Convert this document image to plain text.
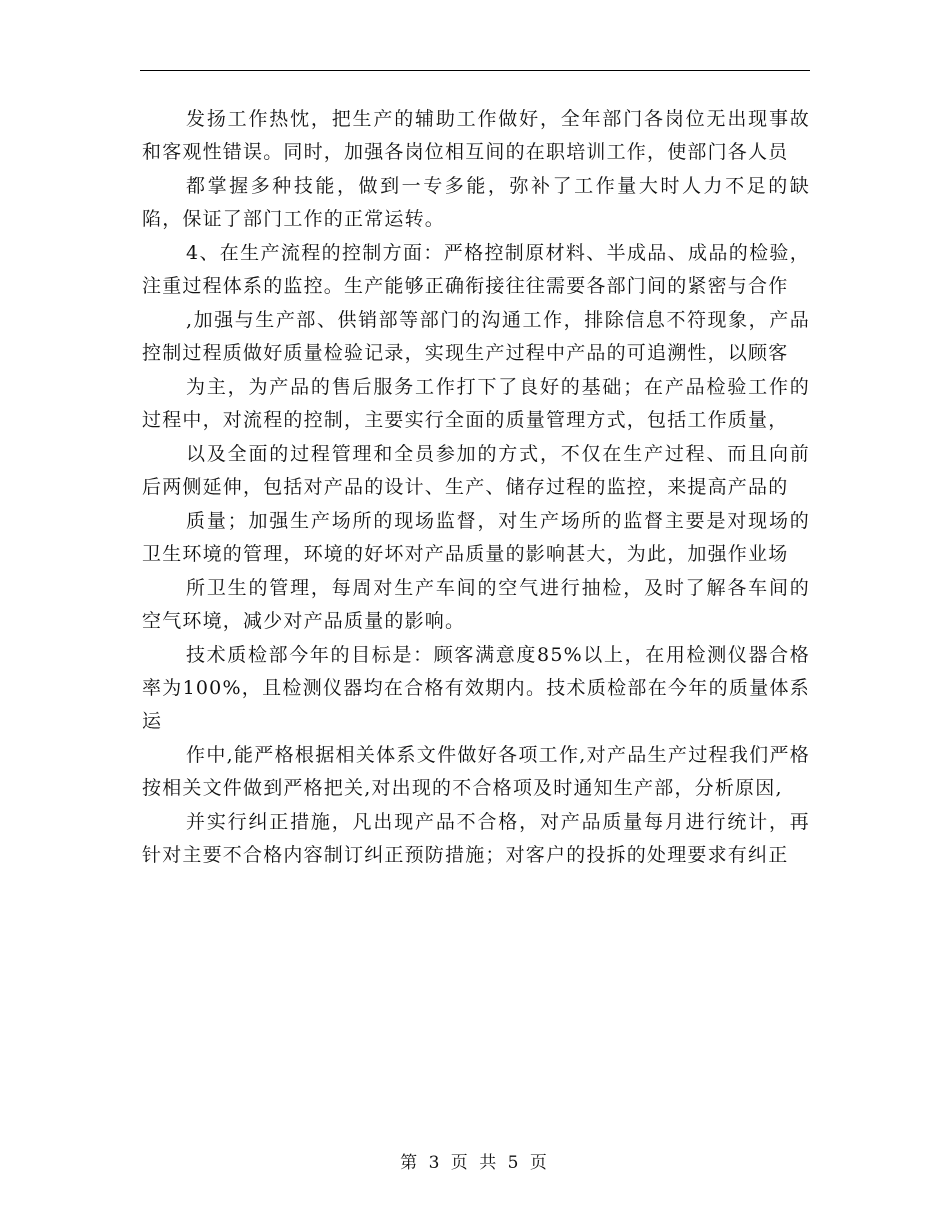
发扬工作热忱，把生产的辅助工作做好，全年部门各岗位无出现事故和客观性错误。同时，加强各岗位相互间的在职培训工作，使部门各人员

都掌握多种技能，做到一专多能，弥补了工作量大时人力不足的缺陷，保证了部门工作的正常运转。

4、在生产流程的控制方面：严格控制原材料、半成品、成品的检验，注重过程体系的监控。生产能够正确衔接往往需要各部门间的紧密与合作

,加强与生产部、供销部等部门的沟通工作，排除信息不符现象，产品控制过程质做好质量检验记录，实现生产过程中产品的可追溯性，以顾客

为主，为产品的售后服务工作打下了良好的基础；在产品检验工作的过程中，对流程的控制，主要实行全面的质量管理方式，包括工作质量，

以及全面的过程管理和全员参加的方式，不仅在生产过程、而且向前后两侧延伸，包括对产品的设计、生产、储存过程的监控，来提高产品的

质量；加强生产场所的现场监督，对生产场所的监督主要是对现场的卫生环境的管理，环境的好坏对产品质量的影响甚大，为此，加强作业场

所卫生的管理，每周对生产车间的空气进行抽检，及时了解各车间的空气环境，减少对产品质量的影响。

技术质检部今年的目标是：顾客满意度85%以上，在用检测仪器合格率为100%，且检测仪器均在合格有效期内。技术质检部在今年的质量体系运

作中,能严格根据相关体系文件做好各项工作,对产品生产过程我们严格按相关文件做到严格把关,对出现的不合格项及时通知生产部，分析原因,

并实行纠正措施，凡出现产品不合格，对产品质量每月进行统计，再针对主要不合格内容制订纠正预防措施；对客户的投拆的处理要求有纠正

第 3 页 共 5 页
